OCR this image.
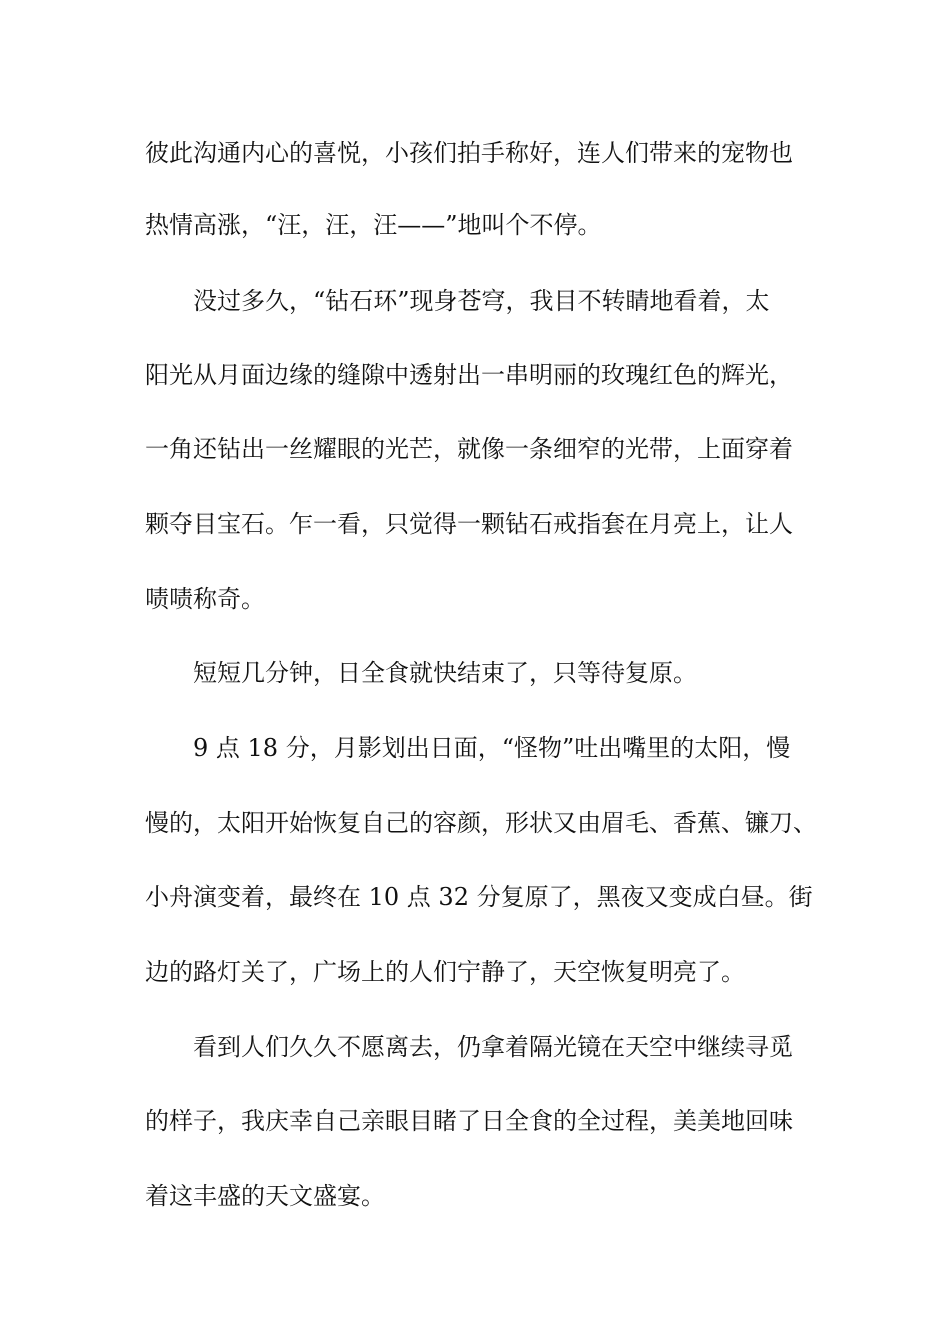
彼此沟通内心的喜悦，小孩们拍手称好，连人们带来的宠物也

热情高涨，“汪，汪，汪——”地叫个不停。

没过多久，“钻石环”现身苍穹，我目不转睛地看着，太

阳光从月面边缘的缝隙中透射出一串明丽的玫瑰红色的辉光，

一角还钻出一丝耀眼的光芒，就像一条细窄的光带，上面穿着

颗夺目宝石。乍一看，只觉得一颗钻石戒指套在月亮上，让人

啧啧称奇。

短短几分钟，日全食就快结束了，只等待复原。

9 点 18 分，月影划出日面，“怪物”吐出嘴里的太阳，慢

慢的，太阳开始恢复自己的容颜，形状又由眉毛、香蕉、镰刀、

小舟演变着，最终在 10 点 32 分复原了，黑夜又变成白昼。街

边的路灯关了，广场上的人们宁静了，天空恢复明亮了。

看到人们久久不愿离去，仍拿着隔光镜在天空中继续寻觅

的样子，我庆幸自己亲眼目睹了日全食的全过程，美美地回味

着这丰盛的天文盛宴。
